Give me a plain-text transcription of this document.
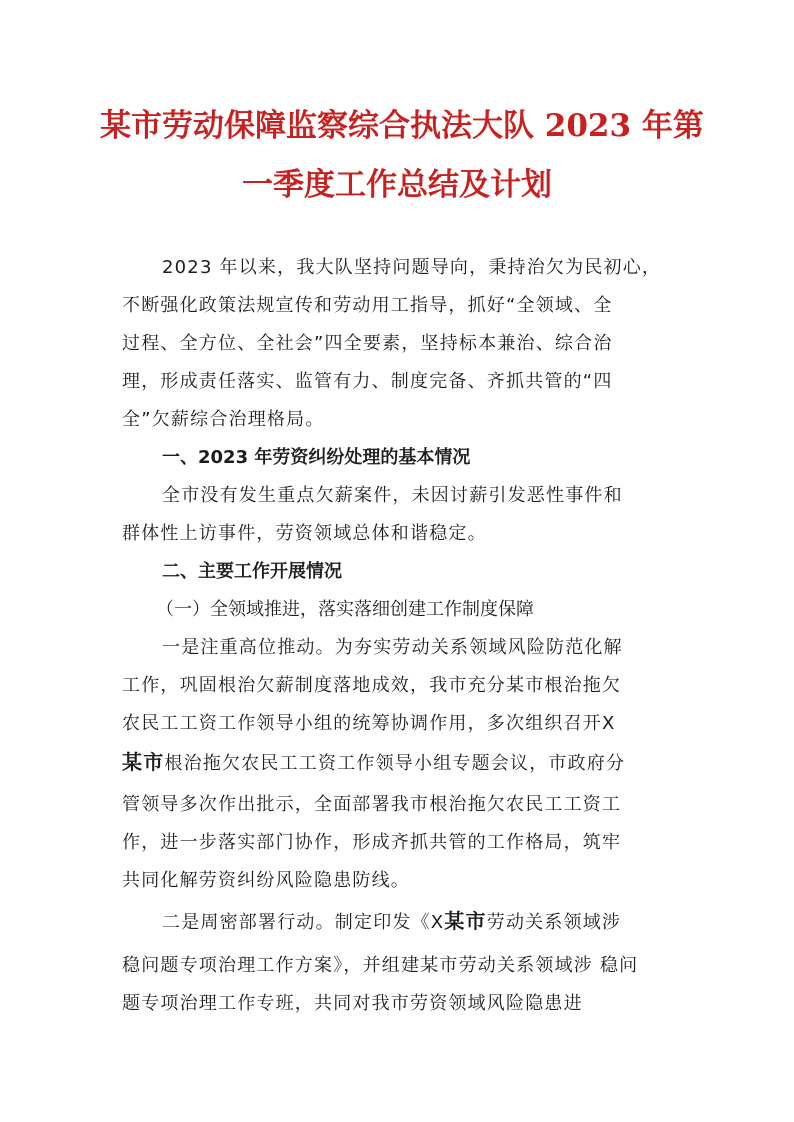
某市劳动保障监察综合执法大队 2023 年第
一季度工作总结及计划

2023 年以来，我大队坚持问题导向，秉持治欠为民初心，

不断强化政策法规宣传和劳动用工指导，抓好“全领域、全

过程、全方位、全社会”四全要素，坚持标本兼治、综合治

理，形成责任落实、监管有力、制度完备、齐抓共管的“四

全”欠薪综合治理格局。

一、2023 年劳资纠纷处理的基本情况

全市没有发生重点欠薪案件，未因讨薪引发恶性事件和

群体性上访事件，劳资领域总体和谐稳定。

二、主要工作开展情况

（一）全领域推进，落实落细创建工作制度保障

一是注重高位推动。为夯实劳动关系领域风险防范化解

工作，巩固根治欠薪制度落地成效，我市充分某市根治拖欠

农民工工资工作领导小组的统筹协调作用，多次组织召开X

某市根治拖欠农民工工资工作领导小组专题会议，市政府分

管领导多次作出批示，全面部署我市根治拖欠农民工工资工

作，进一步落实部门协作，形成齐抓共管的工作格局，筑牢

共同化解劳资纠纷风险隐患防线。

二是周密部署行动。制定印发《X某市劳动关系领域涉

稳问题专项治理工作方案》，并组建某市劳动关系领域涉 稳问

题专项治理工作专班，共同对我市劳资领域风险隐患进
